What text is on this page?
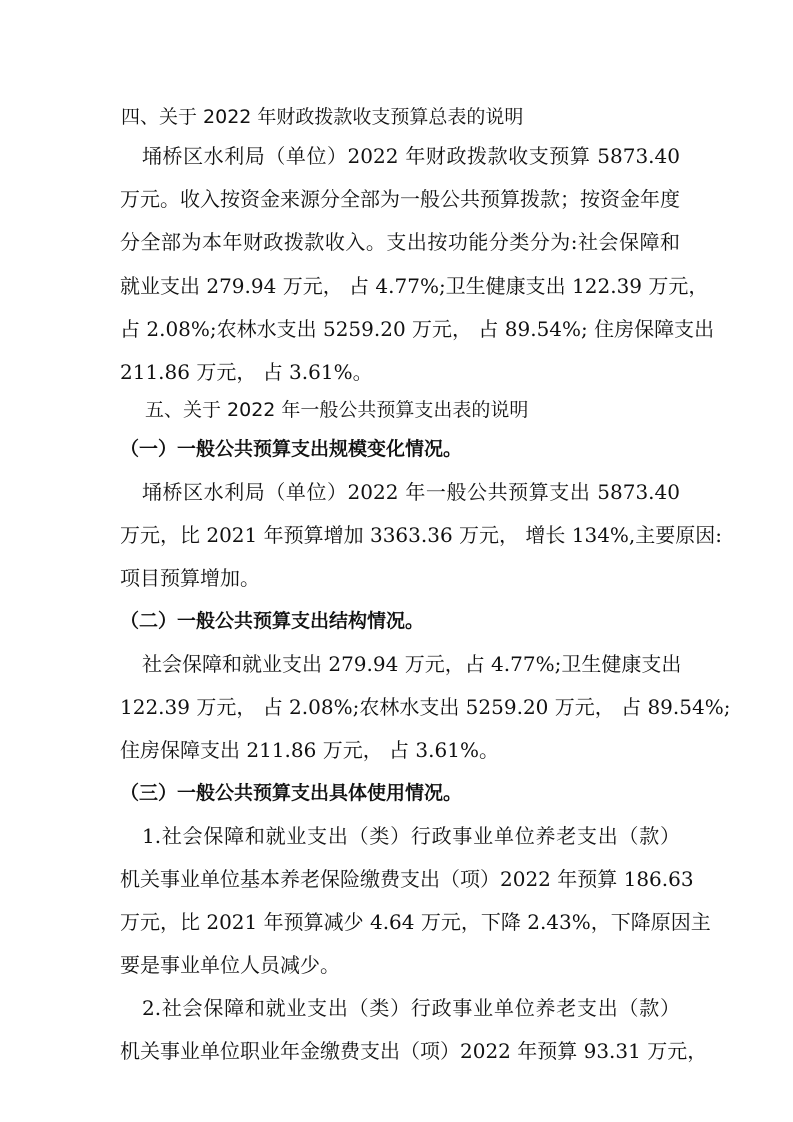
四、关于 2022 年财政拨款收支预算总表的说明
埇桥区水利局（单位）2022 年财政拨款收支预算 5873.40
万元。收入按资金来源分全部为一般公共预算拨款；按资金年度
分全部为本年财政拨款收入。支出按功能分类分为:社会保障和
就业支出 279.94 万元， 占 4.77%;卫生健康支出 122.39 万元，
占 2.08%;农林水支出 5259.20 万元， 占 89.54%; 住房保障支出
211.86 万元， 占 3.61%。
五、关于 2022 年一般公共预算支出表的说明
（一）一般公共预算支出规模变化情况。
埇桥区水利局（单位）2022 年一般公共预算支出 5873.40
万元，比 2021 年预算增加 3363.36 万元， 增长 134%,主要原因:
项目预算增加。
（二）一般公共预算支出结构情况。
社会保障和就业支出 279.94 万元，占 4.77%;卫生健康支出
122.39 万元， 占 2.08%;农林水支出 5259.20 万元， 占 89.54%;
住房保障支出 211.86 万元， 占 3.61%。
（三）一般公共预算支出具体使用情况。
1.社会保障和就业支出（类）行政事业单位养老支出（款）
机关事业单位基本养老保险缴费支出（项）2022 年预算 186.63
万元，比 2021 年预算减少 4.64 万元，下降 2.43%，下降原因主
要是事业单位人员减少。
2.社会保障和就业支出（类）行政事业单位养老支出（款）
机关事业单位职业年金缴费支出（项）2022 年预算 93.31 万元，
